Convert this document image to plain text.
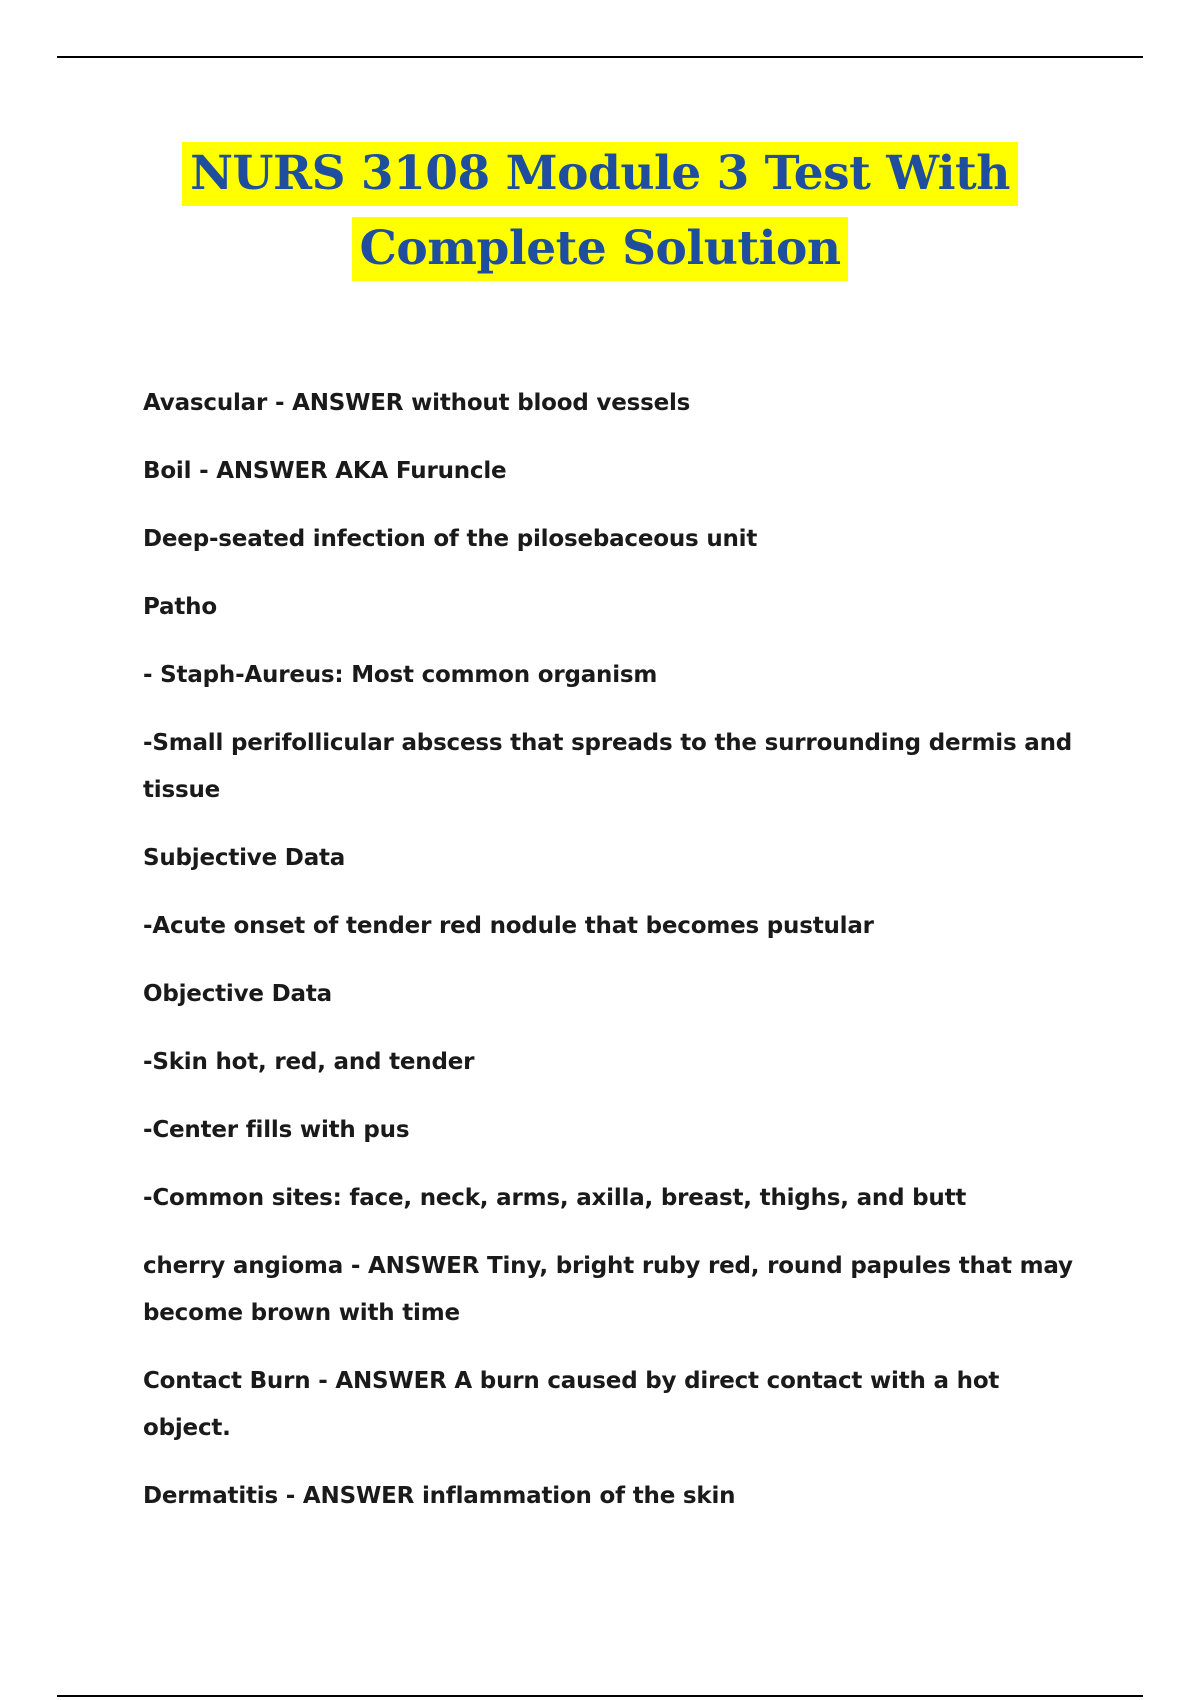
NURS 3108 Module 3 Test With
Complete Solution

Avascular - ANSWER without blood vessels

Boil - ANSWER AKA Furuncle

Deep-seated infection of the pilosebaceous unit

Patho

- Staph-Aureus: Most common organism

-Small perifollicular abscess that spreads to the surrounding dermis and tissue

Subjective Data

-Acute onset of tender red nodule that becomes pustular

Objective Data

-Skin hot, red, and tender

-Center fills with pus

-Common sites: face, neck, arms, axilla, breast, thighs, and butt

cherry angioma - ANSWER Tiny, bright ruby red, round papules that may become brown with time

Contact Burn - ANSWER A burn caused by direct contact with a hot object.

Dermatitis - ANSWER inflammation of the skin
